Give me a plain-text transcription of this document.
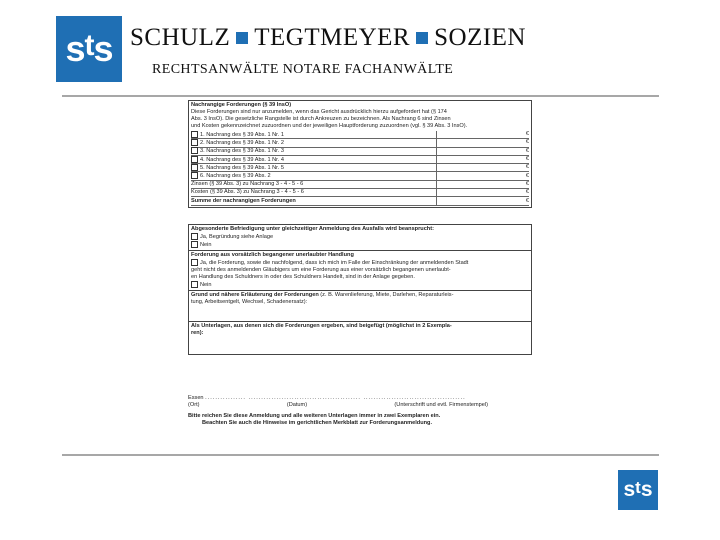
sts SCHULZ TEGTMEYER SOZIEN
RECHTSANWÄLTE NOTARE FACHANWÄLTE
Nachrangige Forderungen (§ 39 InsO)
Diese Forderungen sind nur anzumelden, wenn das Gericht ausdrücklich hierzu aufgefordert hat (§ 174
Abs. 3 InsO). Die gesetzliche Rangstelle ist durch Ankreuzen zu bezeichnen. Als Nachrang 6 sind Zinsen
und Kosten gekennzeichnet zuzuordnen und der jeweiligen Hauptforderung zuzuordnen (vgl. § 39 Abs. 3 InsO).
1. Nachrang des § 39 Abs. 1 Nr. 1	€
2. Nachrang des § 39 Abs. 1 Nr. 2	€
3. Nachrang des § 39 Abs. 1 Nr. 3	€
4. Nachrang des § 39 Abs. 1 Nr. 4	€
5. Nachrang des § 39 Abs. 1 Nr. 5	€
6. Nachrang des § 39 Abs. 2	€
Zinsen (§ 39 Abs. 3) zu Nachrang 3 - 4 - 5 - 6	€
Kosten (§ 39 Abs. 3) zu Nachrang 3 - 4 - 5 - 6	€
Summe der nachrangigen Forderungen	€
Abgesonderte Befriedigung unter gleichzeitiger Anmeldung des Ausfalls wird beansprucht:
Ja, Begründung siehe Anlage
Nein
Forderung aus vorsätzlich begangener unerlaubter Handlung
Ja, die Forderung, sowie die nachfolgend, dass ich mich im Falle der Einschränkung der anmeldenden Stadt
geht nicht des anmeldenden Gläubigers um eine Forderung aus einer vorsätzlich begangenen unerlaubt-
en Handlung des Schuldners in oder des Schuldners Handelt, sind in der Anlage gegeben.
Nein
Grund und nähere Erläuterung der Forderungen (z. B. Warenlieferung, Miete, Darlehen, Reparaturleis-
tung, Arbeitsentgelt, Wechsel, Schadenersatz):
Als Unterlagen, aus denen sich die Forderungen ergeben, sind beigefügt (möglichst in 2 Exempla-
ren):
Essen ................ ............................................ ........................................
(Ort)	(Datum)	(Unterschrift und evtl. Firmenstempel)
Bitte reichen Sie diese Anmeldung und alle weiteren Unterlagen immer in zwei Exemplaren ein.
Beachten Sie auch die Hinweise im gerichtlichen Merkblatt zur Forderungsanmeldung.
sts
